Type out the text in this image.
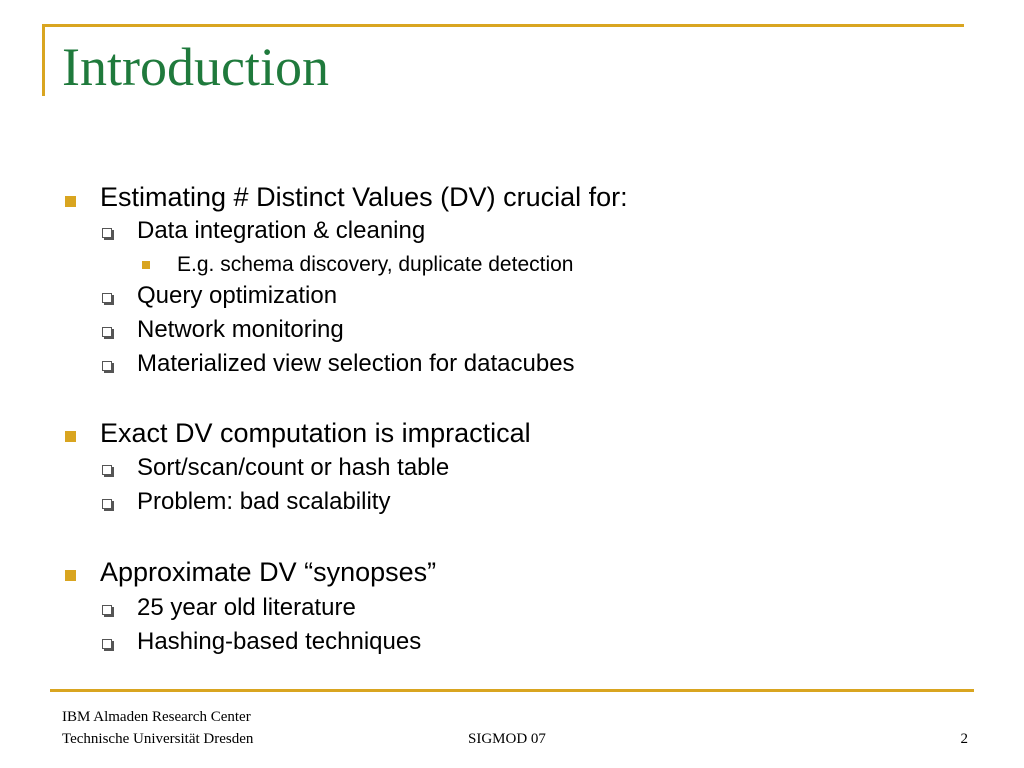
Introduction
Estimating # Distinct Values (DV) crucial for:
Data integration & cleaning
E.g. schema discovery, duplicate detection
Query optimization
Network monitoring
Materialized view selection for datacubes
Exact DV computation is impractical
Sort/scan/count or hash table
Problem: bad scalability
Approximate DV “synopses”
25 year old literature
Hashing-based techniques
IBM Almaden Research Center
Technische Universität Dresden	SIGMOD 07	2
